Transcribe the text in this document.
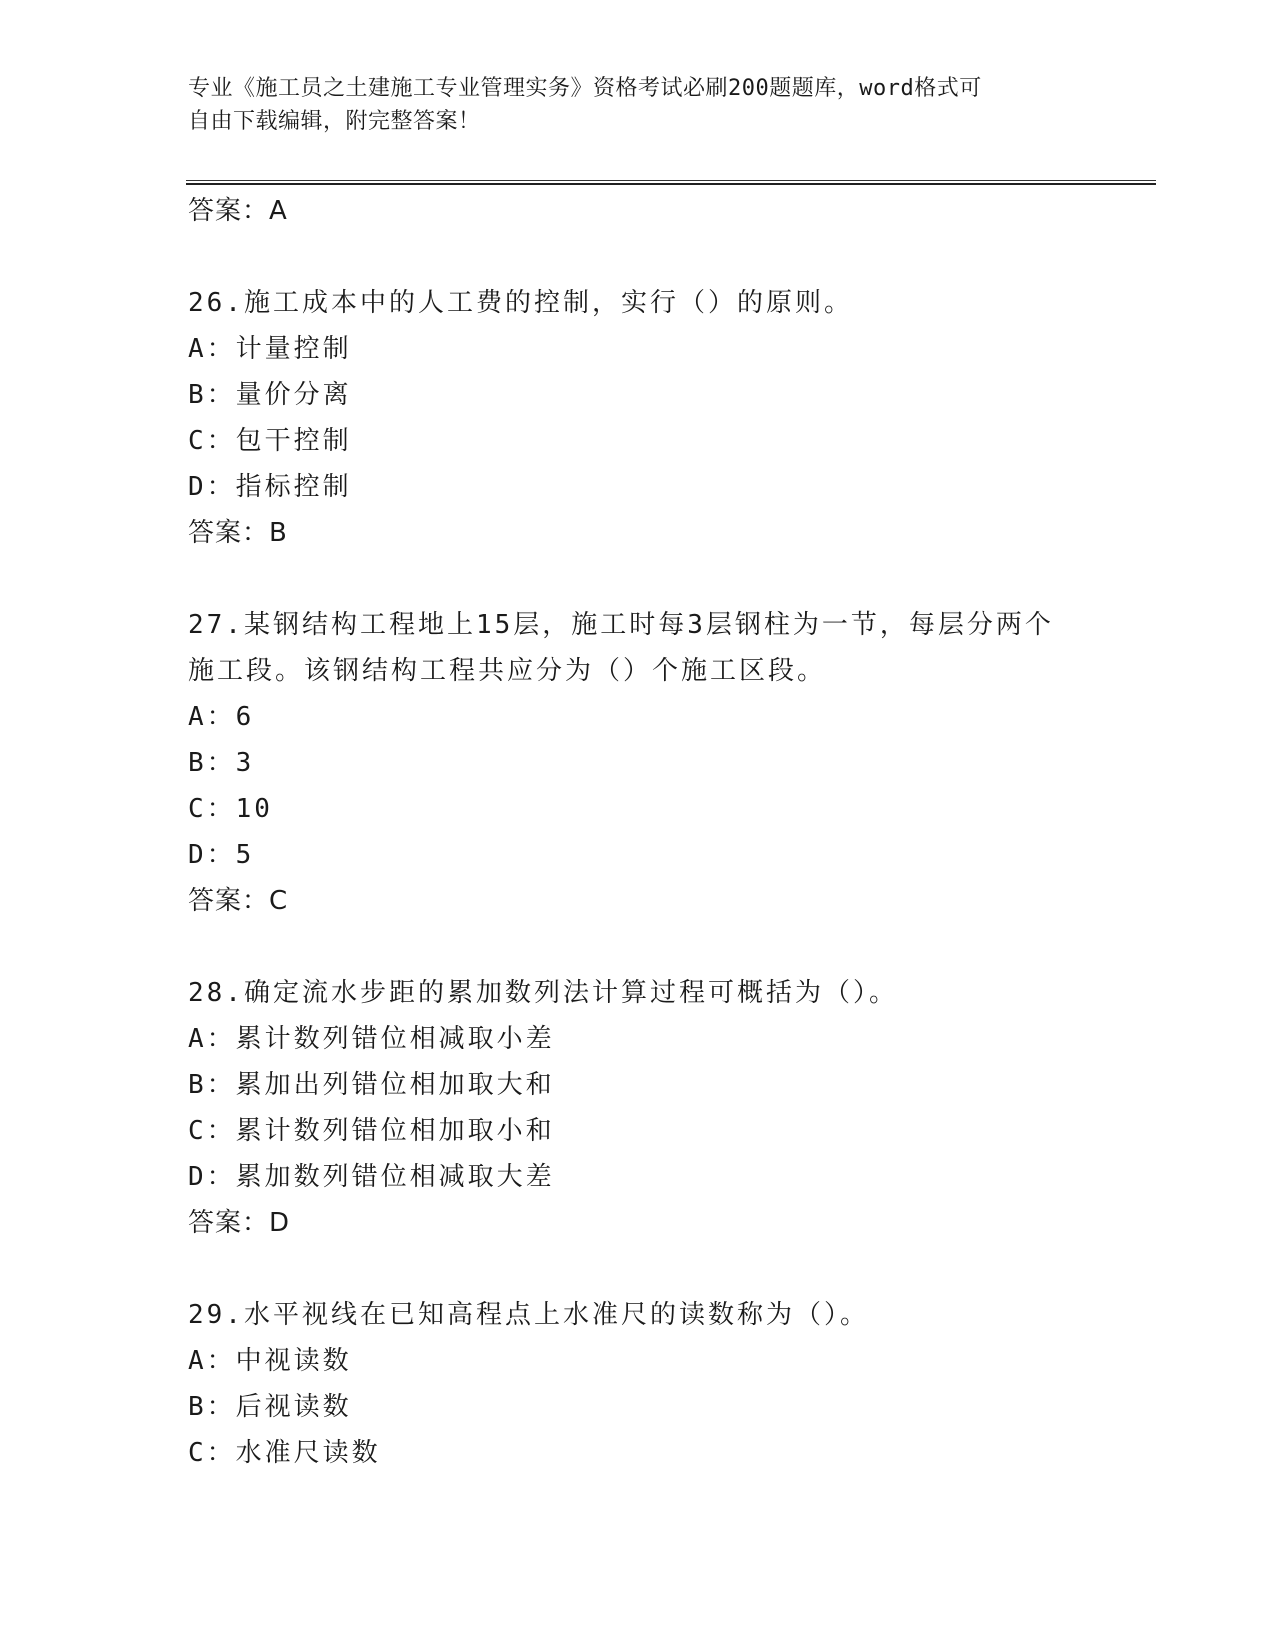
专业《施工员之土建施工专业管理实务》资格考试必刷200题题库，word格式可
自由下载编辑，附完整答案！
答案：A
26.施工成本中的人工费的控制，实行（）的原则。
A：计量控制
B：量价分离
C：包干控制
D：指标控制
答案：B
27.某钢结构工程地上15层，施工时每3层钢柱为一节，每层分两个
施工段。该钢结构工程共应分为（）个施工区段。
A：6
B：3
C：10
D：5
答案：C
28.确定流水步距的累加数列法计算过程可概括为（）。
A：累计数列错位相减取小差
B：累加出列错位相加取大和
C：累计数列错位相加取小和
D：累加数列错位相减取大差
答案：D
29.水平视线在已知高程点上水准尺的读数称为（）。
A：中视读数
B：后视读数
C：水准尺读数
